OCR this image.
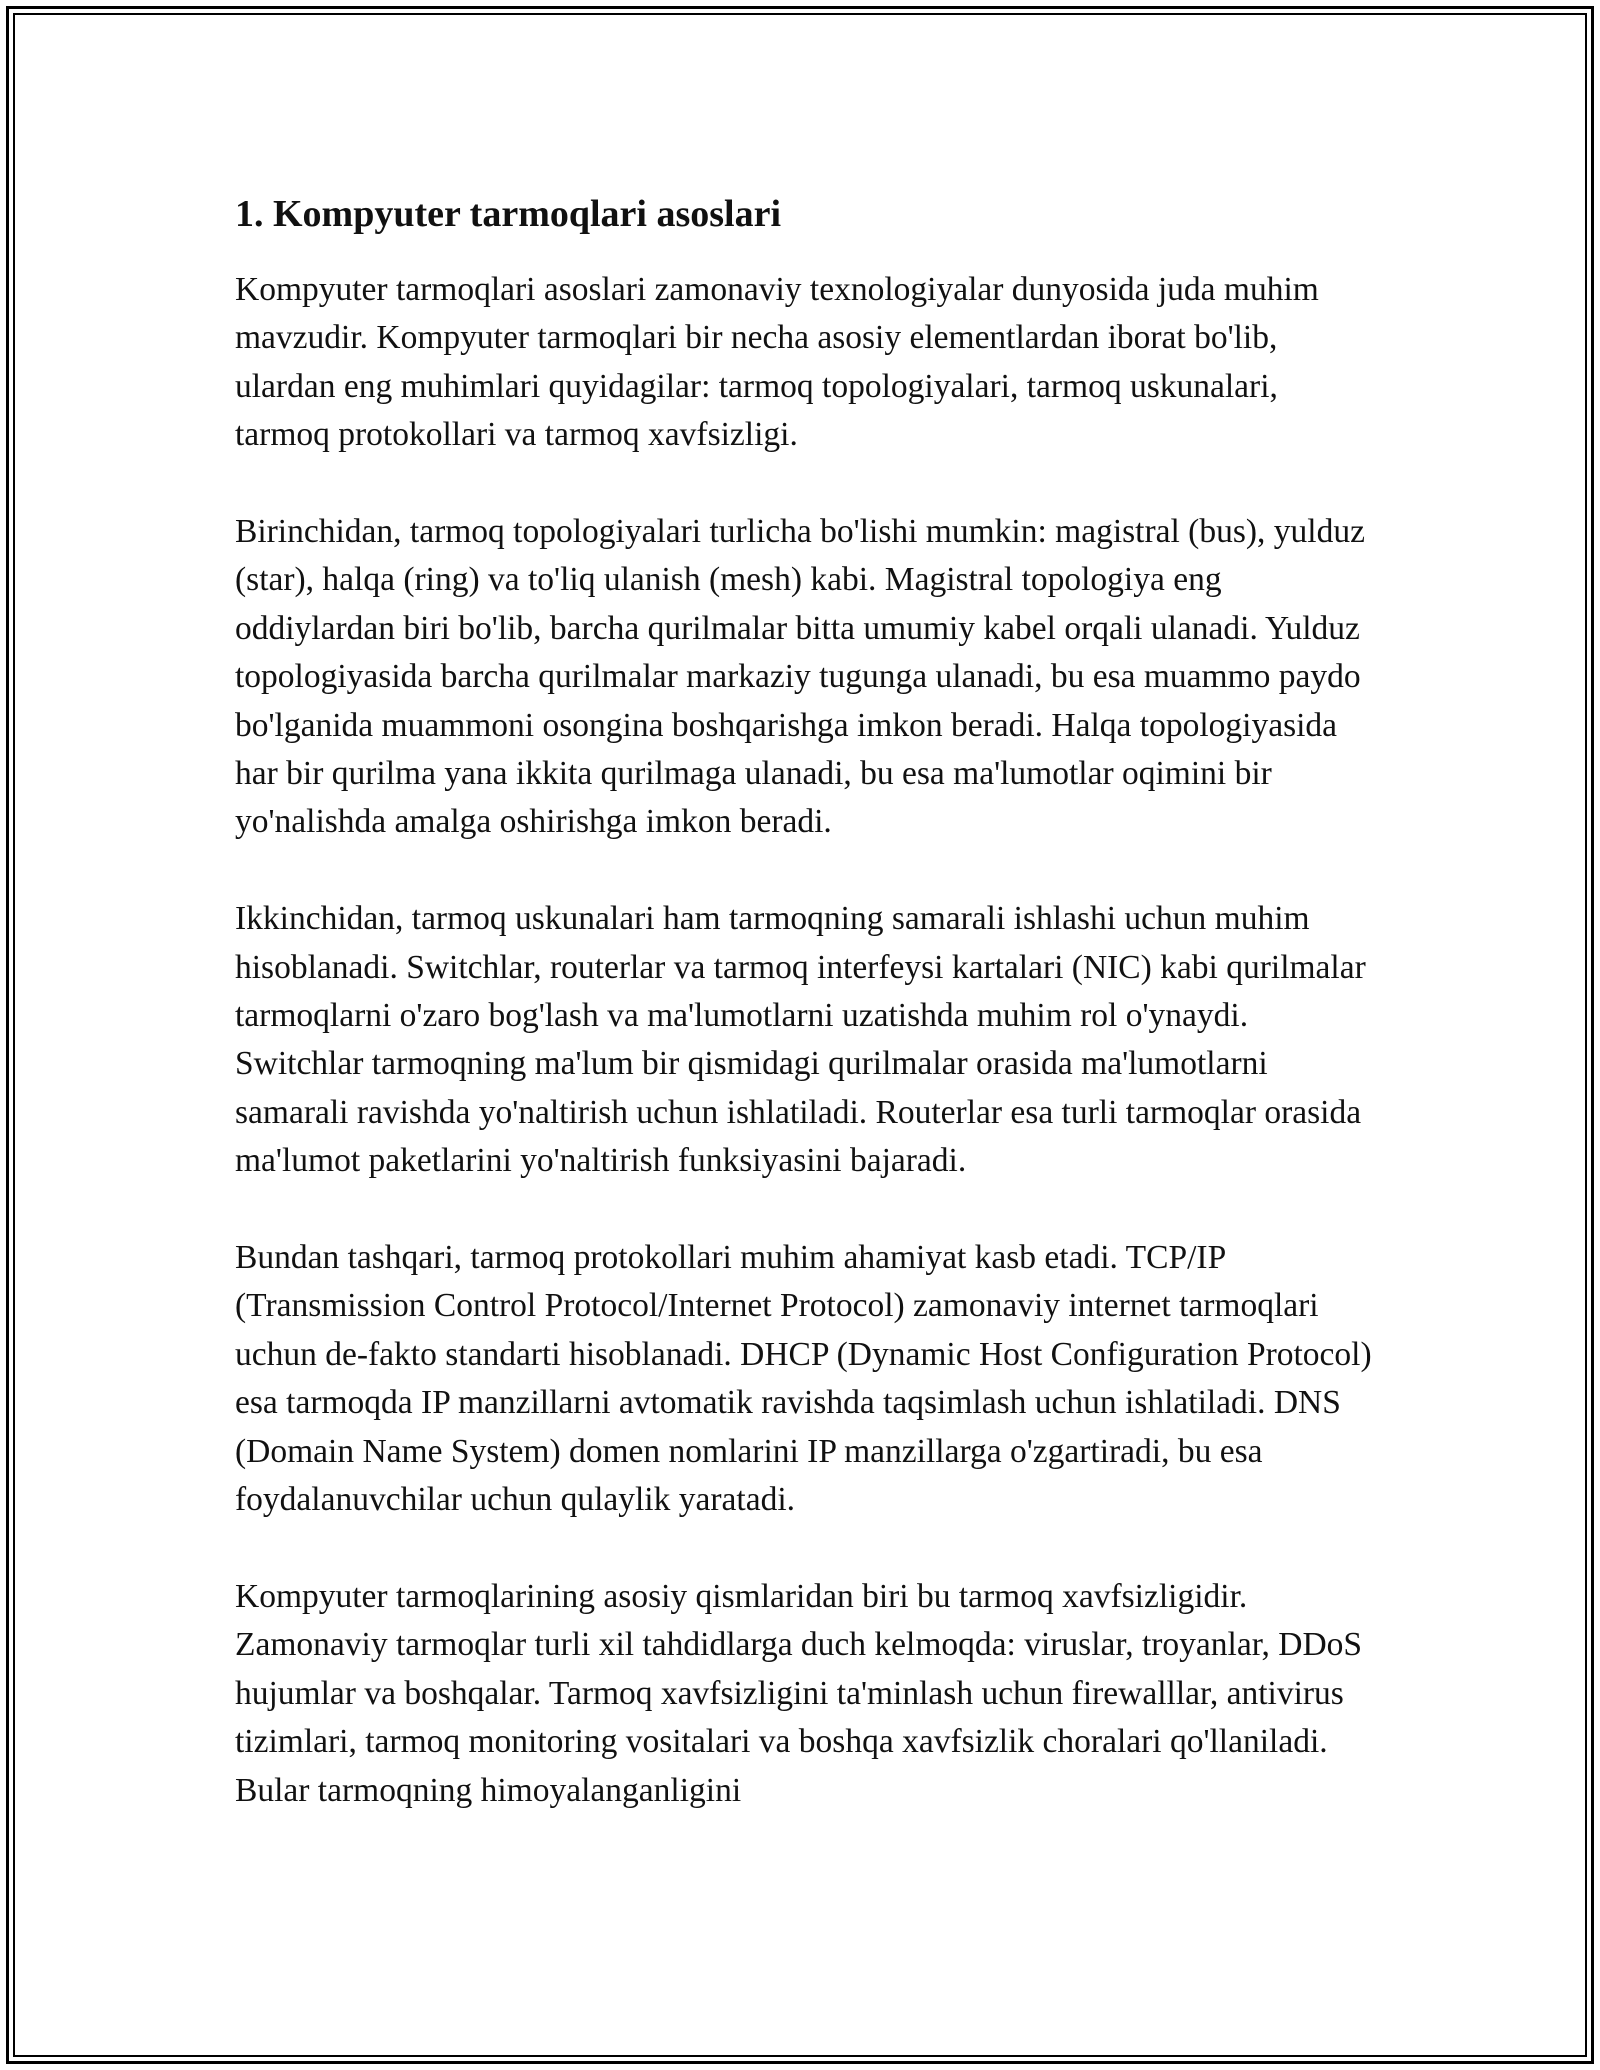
1. Kompyuter tarmoqlari asoslari

Kompyuter tarmoqlari asoslari zamonaviy texnologiyalar dunyosida juda muhim mavzudir. Kompyuter tarmoqlari bir necha asosiy elementlardan iborat bo'lib, ulardan eng muhimlari quyidagilar: tarmoq topologiyalari, tarmoq uskunalari, tarmoq protokollari va tarmoq xavfsizligi.

Birinchidan, tarmoq topologiyalari turlicha bo'lishi mumkin: magistral (bus), yulduz (star), halqa (ring) va to'liq ulanish (mesh) kabi. Magistral topologiya eng oddiylardan biri bo'lib, barcha qurilmalar bitta umumiy kabel orqali ulanadi. Yulduz topologiyasida barcha qurilmalar markaziy tugunga ulanadi, bu esa muammo paydo bo'lganida muammoni osongina boshqarishga imkon beradi. Halqa topologiyasida har bir qurilma yana ikkita qurilmaga ulanadi, bu esa ma'lumotlar oqimini bir yo'nalishda amalga oshirishga imkon beradi.

Ikkinchidan, tarmoq uskunalari ham tarmoqning samarali ishlashi uchun muhim hisoblanadi. Switchlar, routerlar va tarmoq interfeysi kartalari (NIC) kabi qurilmalar tarmoqlarni o'zaro bog'lash va ma'lumotlarni uzatishda muhim rol o'ynaydi. Switchlar tarmoqning ma'lum bir qismidagi qurilmalar orasida ma'lumotlarni samarali ravishda yo'naltirish uchun ishlatiladi. Routerlar esa turli tarmoqlar orasida ma'lumot paketlarini yo'naltirish funksiyasini bajaradi.

Bundan tashqari, tarmoq protokollari muhim ahamiyat kasb etadi. TCP/IP (Transmission Control Protocol/Internet Protocol) zamonaviy internet tarmoqlari uchun de-fakto standarti hisoblanadi. DHCP (Dynamic Host Configuration Protocol) esa tarmoqda IP manzillarni avtomatik ravishda taqsimlash uchun ishlatiladi. DNS (Domain Name System) domen nomlarini IP manzillarga o'zgartiradi, bu esa foydalanuvchilar uchun qulaylik yaratadi.

Kompyuter tarmoqlarining asosiy qismlaridan biri bu tarmoq xavfsizligidir. Zamonaviy tarmoqlar turli xil tahdidlarga duch kelmoqda: viruslar, troyanlar, DDoS hujumlar va boshqalar. Tarmoq xavfsizligini ta'minlash uchun firewalllar, antivirus tizimlari, tarmoq monitoring vositalari va boshqa xavfsizlik choralari qo'llaniladi. Bular tarmoqning himoyalanganligini
